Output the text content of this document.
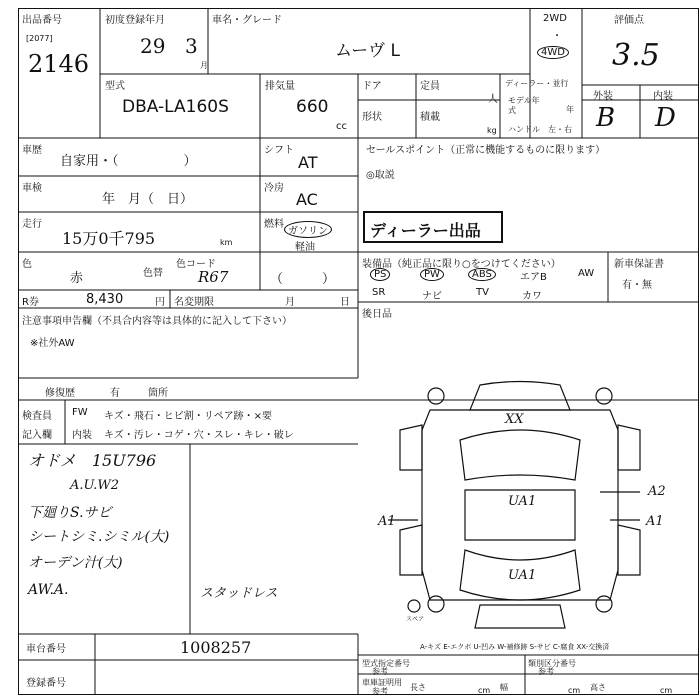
出品番号
[2077]
2146
初度登録年月
29 3
月
車名・グレード
ムーヴ L
2WD
・
4WD
評価点
3.5
外装	内装
B D
型式
DBA-LA160S
排気量
660
cc
ドア
形状
定員
人
積載
kg
ディーラー・並行
モデル年式	年
ハンドル 左・右
車歴
自家用・（　　　　　）
シフト
AT
車検
年　月（　日）
冷房
AC
走行
15万0千795	km
燃料
ガソリン
軽油
色
赤	色替
色コード
R67	（　　　）
R券	8,430	円 名変期限	月	日
セールスポイント（正常に機能するものに限ります）
◎取説
ディーラー出品
装備品（純正品に限り○をつけてください）
PS	PW	ABS	エアB	AW
SR	ナビ	TV	カワ
新車保証書
有・無
後日品
注意事項申告欄（不具合内容等は具体的に記入して下さい）
※社外AW
修復歴	有	箇所
検査員
記入欄
FW
内装
キズ・飛石・ヒビ割・リペア跡・×要
キズ・汚レ・コゲ・穴・スレ・キレ・破レ
オドメ　15U796
A.U.W2
下廻りS.サビ
シートシミ.シミル(大)
オーデン汁(大)
AW.A.	スタッドレス
XX
UA1
UA1
A2
A1
A1
スペア
A-キズ E-エクボ U-凹み W-補修跡 S-サビ C-腐食 XX-交換済
車台番号	1008257
登録番号
型式指定番号
参考
類別区分番号
参考
車庫証明用
参考	長さ	cm 幅	cm 高さ	cm
